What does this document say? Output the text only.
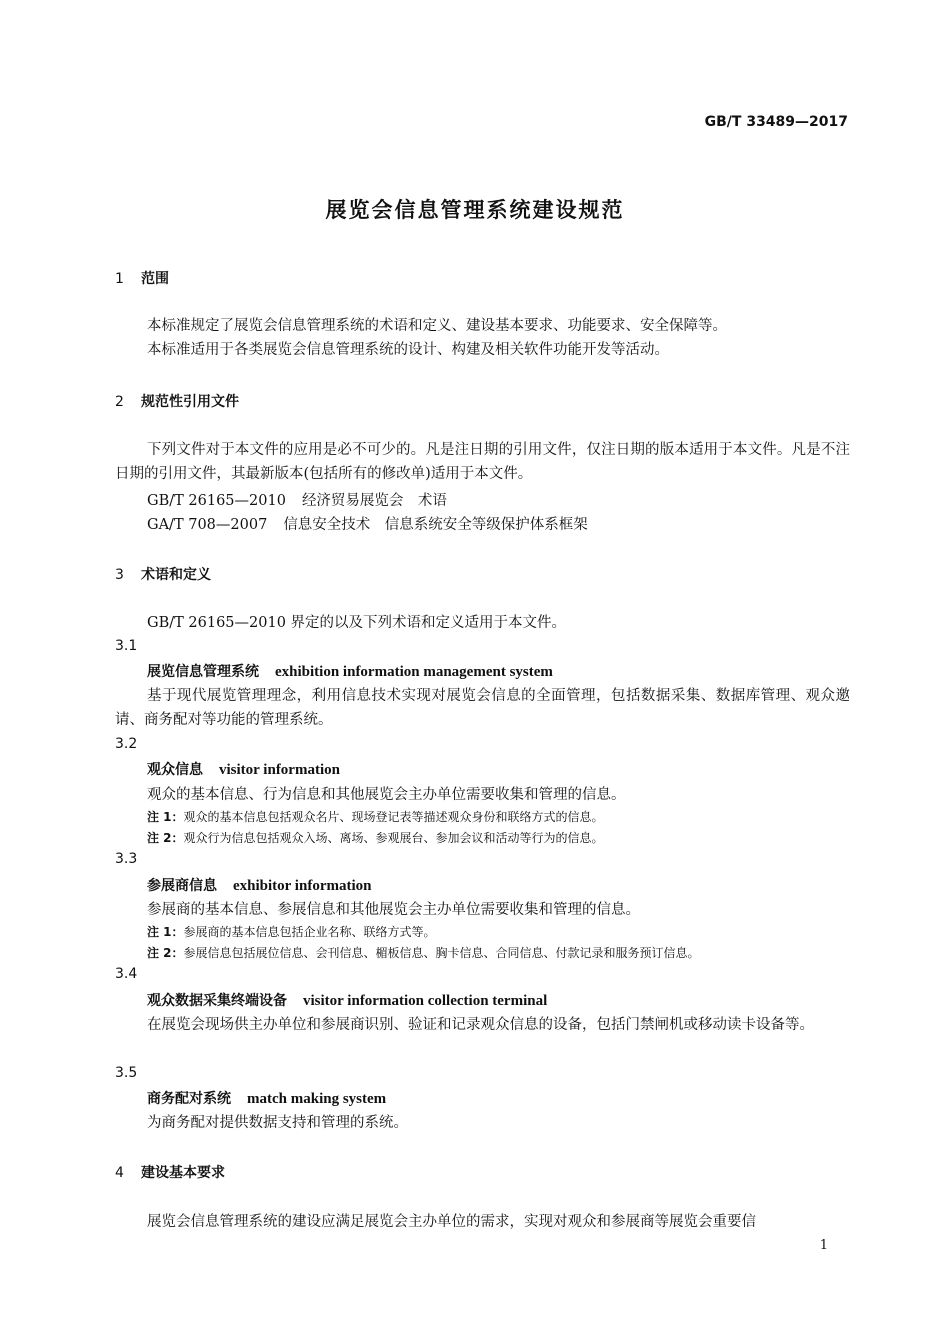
GB/T 33489—2017
展览会信息管理系统建设规范
1 范围
本标准规定了展览会信息管理系统的术语和定义、建设基本要求、功能要求、安全保障等。
本标准适用于各类展览会信息管理系统的设计、构建及相关软件功能开发等活动。
2 规范性引用文件
下列文件对于本文件的应用是必不可少的。凡是注日期的引用文件，仅注日期的版本适用于本文件。凡是不注日期的引用文件，其最新版本(包括所有的修改单)适用于本文件。
GB/T 26165—2010 经济贸易展览会　术语
GA/T 708—2007 信息安全技术　信息系统安全等级保护体系框架
3 术语和定义
GB/T 26165—2010 界定的以及下列术语和定义适用于本文件。
3.1
展览信息管理系统 exhibition information management system
基于现代展览管理理念，利用信息技术实现对展览会信息的全面管理，包括数据采集、数据库管理、观众邀请、商务配对等功能的管理系统。
3.2
观众信息 visitor information
观众的基本信息、行为信息和其他展览会主办单位需要收集和管理的信息。
注 1：观众的基本信息包括观众名片、现场登记表等描述观众身份和联络方式的信息。
注 2：观众行为信息包括观众入场、离场、参观展台、参加会议和活动等行为的信息。
3.3
参展商信息 exhibitor information
参展商的基本信息、参展信息和其他展览会主办单位需要收集和管理的信息。
注 1：参展商的基本信息包括企业名称、联络方式等。
注 2：参展信息包括展位信息、会刊信息、楣板信息、胸卡信息、合同信息、付款记录和服务预订信息。
3.4
观众数据采集终端设备 visitor information collection terminal
在展览会现场供主办单位和参展商识别、验证和记录观众信息的设备，包括门禁闸机或移动读卡设备等。
3.5
商务配对系统 match making system
为商务配对提供数据支持和管理的系统。
4 建设基本要求
展览会信息管理系统的建设应满足展览会主办单位的需求，实现对观众和参展商等展览会重要信
1
